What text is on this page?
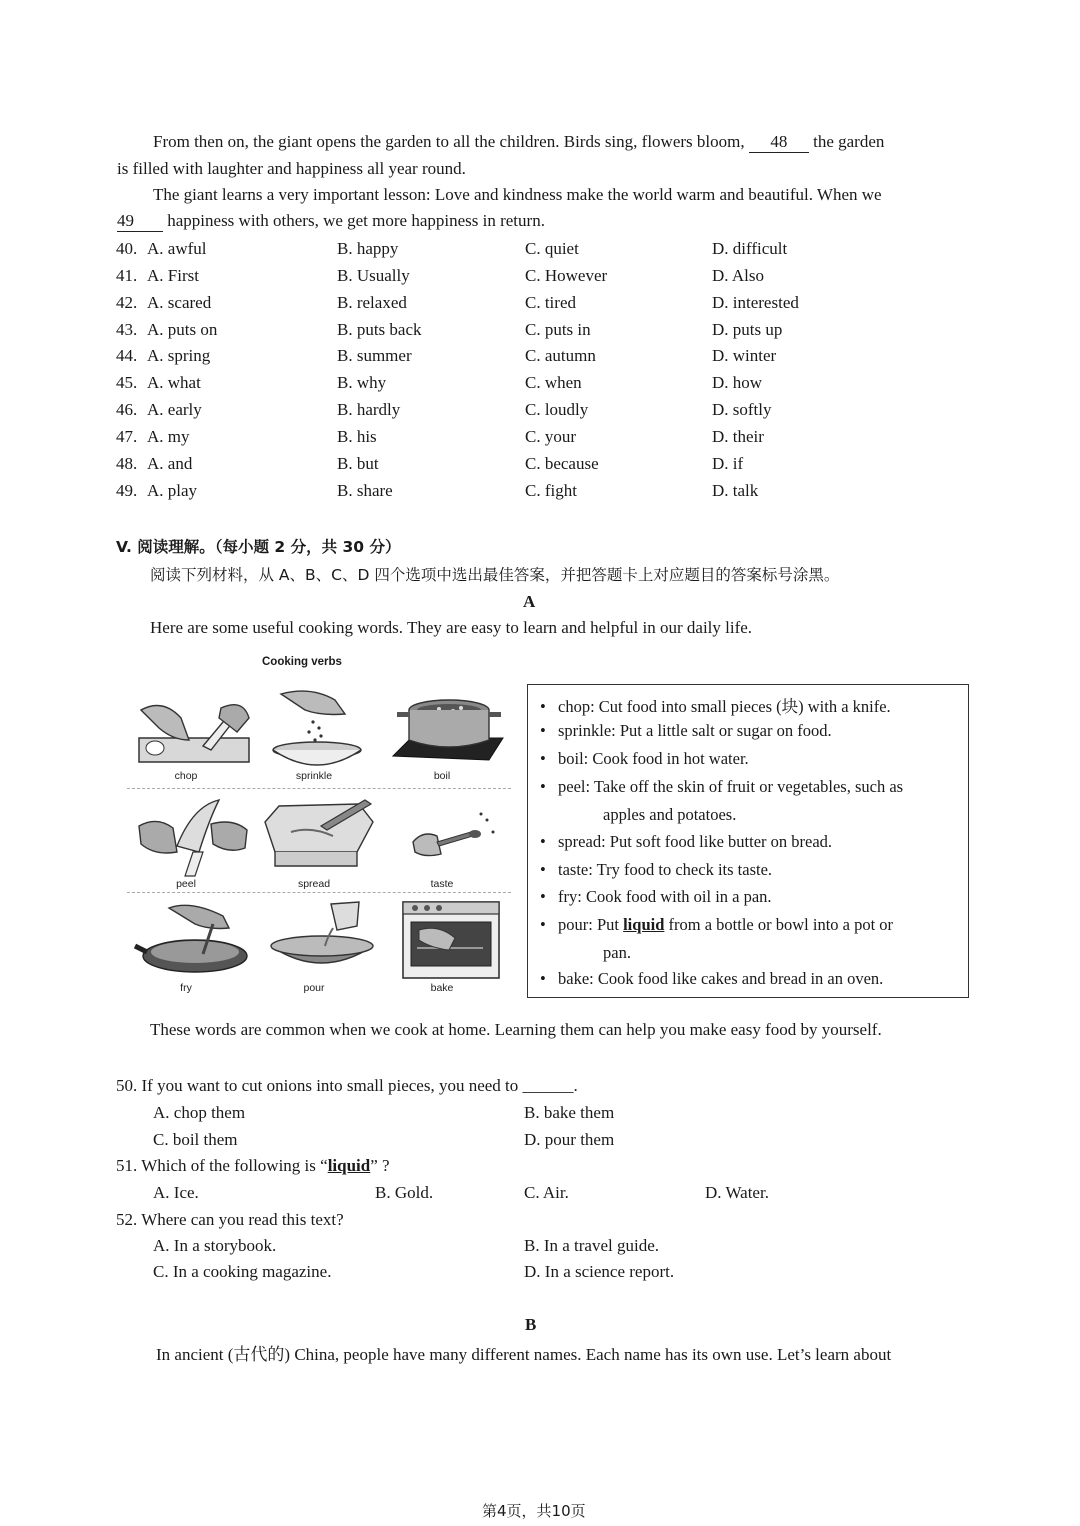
From then on, the giant opens the garden to all the children. Birds sing, flowers bloom, 48 the garden
is filled with laughter and happiness all year round.
The giant learns a very important lesson: Love and kindness make the world warm and beautiful. When we
49 happiness with others, we get more happiness in return.
40. A. awful	B. happy	C. quiet	D. difficult
41. A. First	B. Usually	C. However	D. Also
42. A. scared	B. relaxed	C. tired	D. interested
43. A. puts on	B. puts back	C. puts in	D. puts up
44. A. spring	B. summer	C. autumn	D. winter
45. A. what	B. why	C. when	D. how
46. A. early	B. hardly	C. loudly	D. softly
47. A. my	B. his	C. your	D. their
48. A. and	B. but	C. because	D. if
49. A. play	B. share	C. fight	D. talk
V. 阅读理解。（每小题 2 分，共 30 分）
阅读下列材料，从 A、B、C、D 四个选项中选出最佳答案，并把答题卡上对应题目的答案标号涂黑。
A
Here are some useful cooking words. They are easy to learn and helpful in our daily life.
Cooking verbs
chop	sprinkle	boil
peel	spread	taste
fry	pour	bake
• chop: Cut food into small pieces (块) with a knife.
• sprinkle: Put a little salt or sugar on food.
• boil: Cook food in hot water.
• peel: Take off the skin of fruit or vegetables, such as
apples and potatoes.
• spread: Put soft food like butter on bread.
• taste: Try food to check its taste.
• fry: Cook food with oil in a pan.
• pour: Put liquid from a bottle or bowl into a pot or
pan.
• bake: Cook food like cakes and bread in an oven.
These words are common when we cook at home. Learning them can help you make easy food by yourself.
50. If you want to cut onions into small pieces, you need to ______.
A. chop them	B. bake them
C. boil them	D. pour them
51. Which of the following is “liquid” ?
A. Ice.	B. Gold.	C. Air.	D. Water.
52. Where can you read this text?
A. In a storybook.	B. In a travel guide.
C. In a cooking magazine.	D. In a science report.
B
In ancient (古代的) China, people have many different names. Each name has its own use. Let’s learn about
第4页，共10页
